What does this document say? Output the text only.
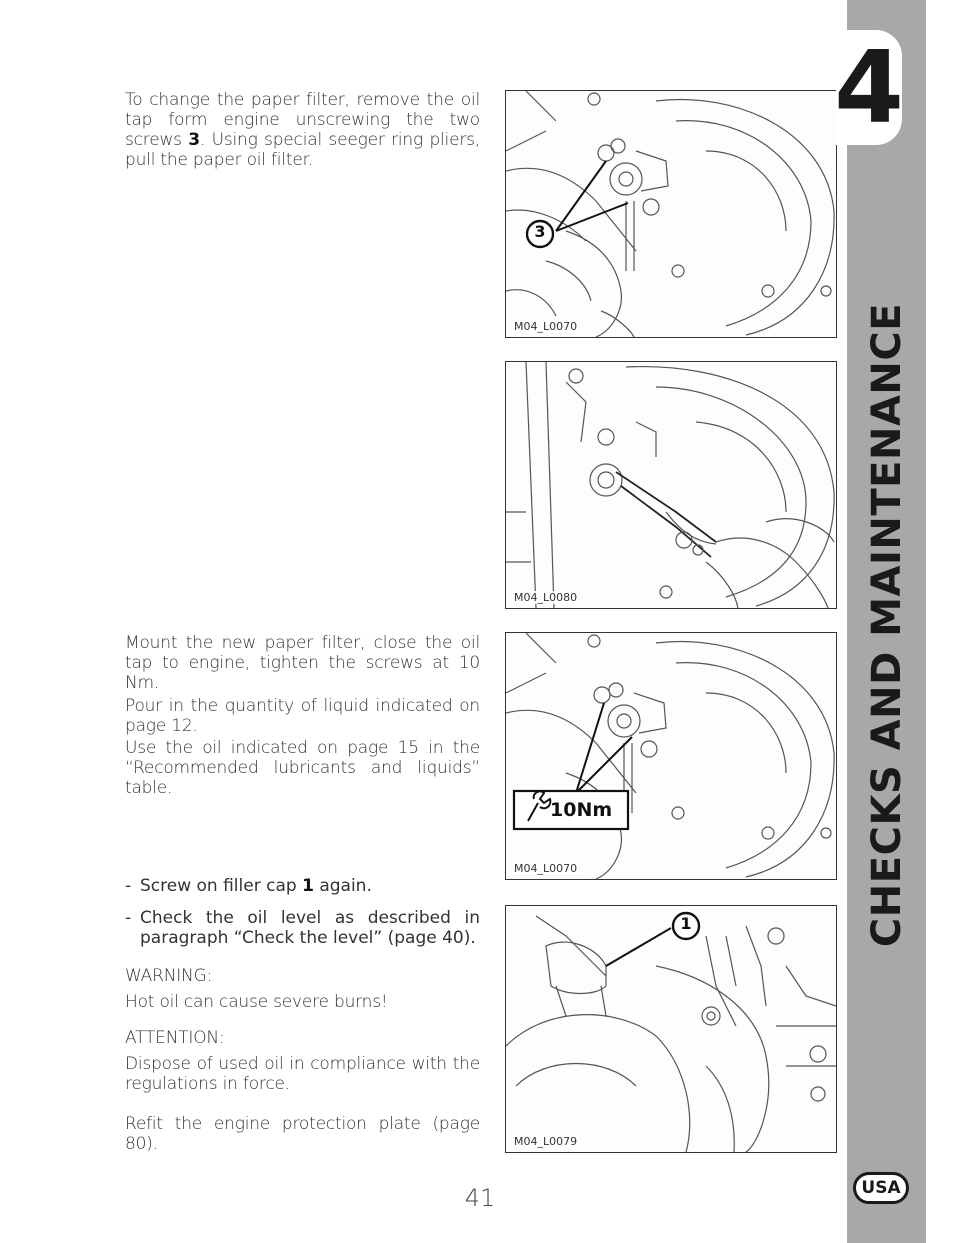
To change the paper filter, remove the oil tap form engine unscrewing the two screws 3. Using special seeger ring pliers, pull the paper oil filter.

Mount the new paper filter, close the oil tap to engine, tighten the screws at 10 Nm.
Pour in the quantity of liquid indicated on page 12.
Use the oil indicated on page 15 in the “Recommended lubricants and liquids” table.
- Screw on filler cap 1 again.
- Check the oil level as described in paragraph “Check the level” (page 40).
WARNING:
Hot oil can cause severe burns!
ATTENTION:
Dispose of used oil in compliance with the regulations in force.
Refit the engine protection plate (page 80).
3
M04_L0070
M04_L0080
10Nm
M04_L0070
1
M04_L0079
4
CHECKS AND MAINTENANCE
USA
41
